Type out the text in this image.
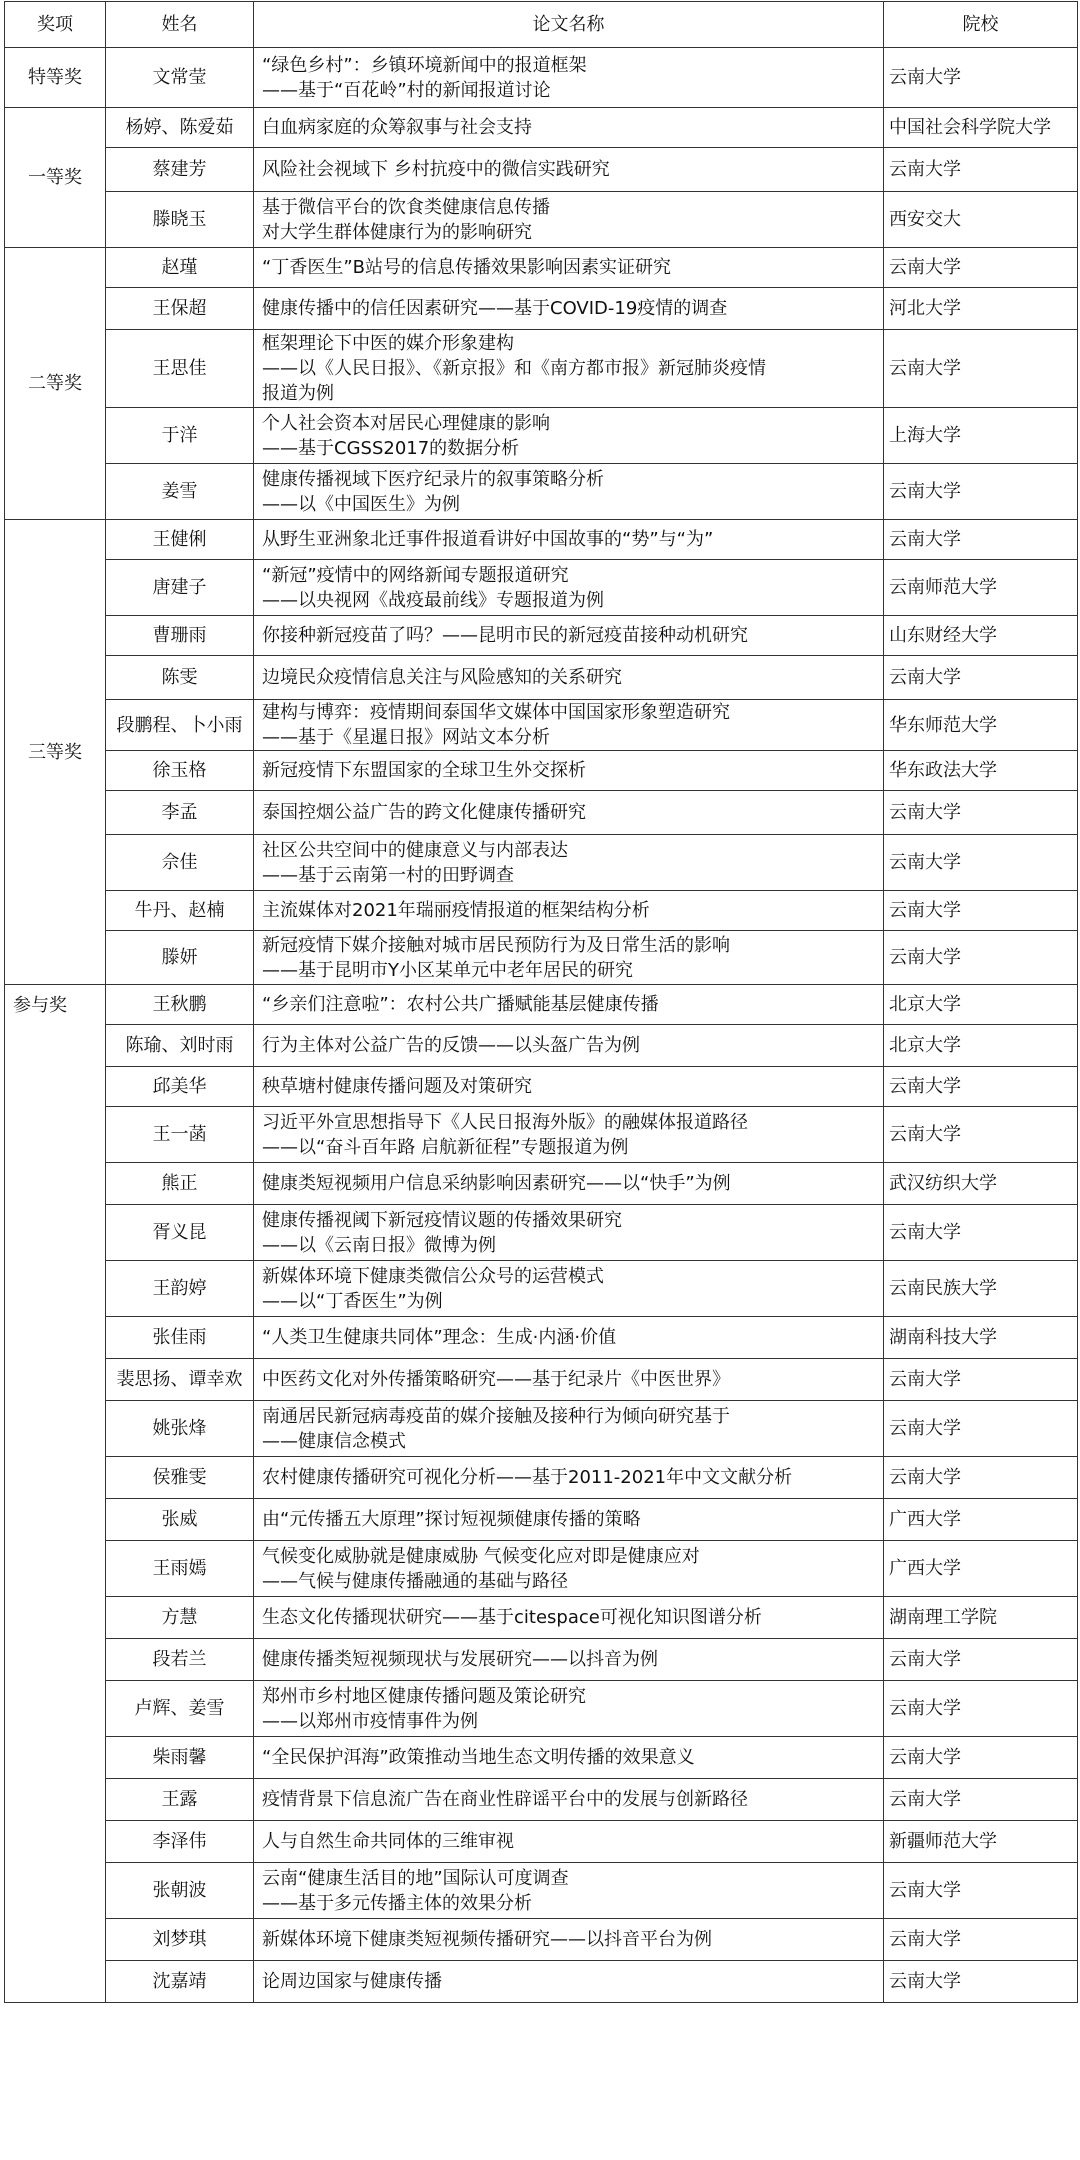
奖项	姓名	论文名称	院校
特等奖	文常莹	“绿色乡村”：乡镇环境新闻中的报道框架
——基于“百花岭”村的新闻报道讨论	云南大学
一等奖	杨婷、陈爱茹	白血病家庭的众筹叙事与社会支持	中国社会科学院大学
	蔡建芳	风险社会视域下 乡村抗疫中的微信实践研究	云南大学
	滕晓玉	基于微信平台的饮食类健康信息传播
对大学生群体健康行为的影响研究	西安交大
二等奖	赵瑾	“丁香医生”B站号的信息传播效果影响因素实证研究	云南大学
	王保超	健康传播中的信任因素研究——基于COVID-19疫情的调查	河北大学
	王思佳	框架理论下中医的媒介形象建构
——以《人民日报》、《新京报》和《南方都市报》新冠肺炎疫情
报道为例	云南大学
	于洋	个人社会资本对居民心理健康的影响
——基于CGSS2017的数据分析	上海大学
	姜雪	健康传播视域下医疗纪录片的叙事策略分析
——以《中国医生》为例	云南大学
三等奖	王健俐	从野生亚洲象北迁事件报道看讲好中国故事的“势”与“为”	云南大学
	唐建子	“新冠”疫情中的网络新闻专题报道研究
——以央视网《战疫最前线》专题报道为例	云南师范大学
	曹珊雨	你接种新冠疫苗了吗？——昆明市民的新冠疫苗接种动机研究	山东财经大学
	陈雯	边境民众疫情信息关注与风险感知的关系研究	云南大学
	段鹏程、卜小雨	建构与博弈：疫情期间泰国华文媒体中国国家形象塑造研究
——基于《星暹日报》网站文本分析	华东师范大学
	徐玉格	新冠疫情下东盟国家的全球卫生外交探析	华东政法大学
	李孟	泰国控烟公益广告的跨文化健康传播研究	云南大学
	佘佳	社区公共空间中的健康意义与内部表达
——基于云南第一村的田野调查	云南大学
	牛丹、赵楠	主流媒体对2021年瑞丽疫情报道的框架结构分析	云南大学
	滕妍	新冠疫情下媒介接触对城市居民预防行为及日常生活的影响
——基于昆明市Y小区某单元中老年居民的研究	云南大学
参与奖	王秋鹏	“乡亲们注意啦”：农村公共广播赋能基层健康传播	北京大学
	陈瑜、刘时雨	行为主体对公益广告的反馈——以头盔广告为例	北京大学
	邱美华	秧草塘村健康传播问题及对策研究	云南大学
	王一菡	习近平外宣思想指导下《人民日报海外版》的融媒体报道路径
——以“奋斗百年路 启航新征程”专题报道为例	云南大学
	熊正	健康类短视频用户信息采纳影响因素研究——以“快手”为例	武汉纺织大学
	胥义昆	健康传播视阈下新冠疫情议题的传播效果研究
——以《云南日报》微博为例	云南大学
	王韵婷	新媒体环境下健康类微信公众号的运营模式
——以“丁香医生”为例	云南民族大学
	张佳雨	“人类卫生健康共同体”理念：生成·内涵·价值	湖南科技大学
	裴思扬、谭幸欢	中医药文化对外传播策略研究——基于纪录片《中医世界》	云南大学
	姚张烽	南通居民新冠病毒疫苗的媒介接触及接种行为倾向研究基于
——健康信念模式	云南大学
	侯雅雯	农村健康传播研究可视化分析——基于2011-2021年中文文献分析	云南大学
	张威	由“元传播五大原理”探讨短视频健康传播的策略	广西大学
	王雨嫣	气候变化威胁就是健康威胁 气候变化应对即是健康应对
——气候与健康传播融通的基础与路径	广西大学
	方慧	生态文化传播现状研究——基于citespace可视化知识图谱分析	湖南理工学院
	段若兰	健康传播类短视频现状与发展研究——以抖音为例	云南大学
	卢辉、姜雪	郑州市乡村地区健康传播问题及策论研究
——以郑州市疫情事件为例	云南大学
	柴雨馨	“全民保护洱海”政策推动当地生态文明传播的效果意义	云南大学
	王露	疫情背景下信息流广告在商业性辟谣平台中的发展与创新路径	云南大学
	李泽伟	人与自然生命共同体的三维审视	新疆师范大学
	张朝波	云南“健康生活目的地”国际认可度调查
——基于多元传播主体的效果分析	云南大学
	刘梦琪	新媒体环境下健康类短视频传播研究——以抖音平台为例	云南大学
	沈嘉靖	论周边国家与健康传播	云南大学
